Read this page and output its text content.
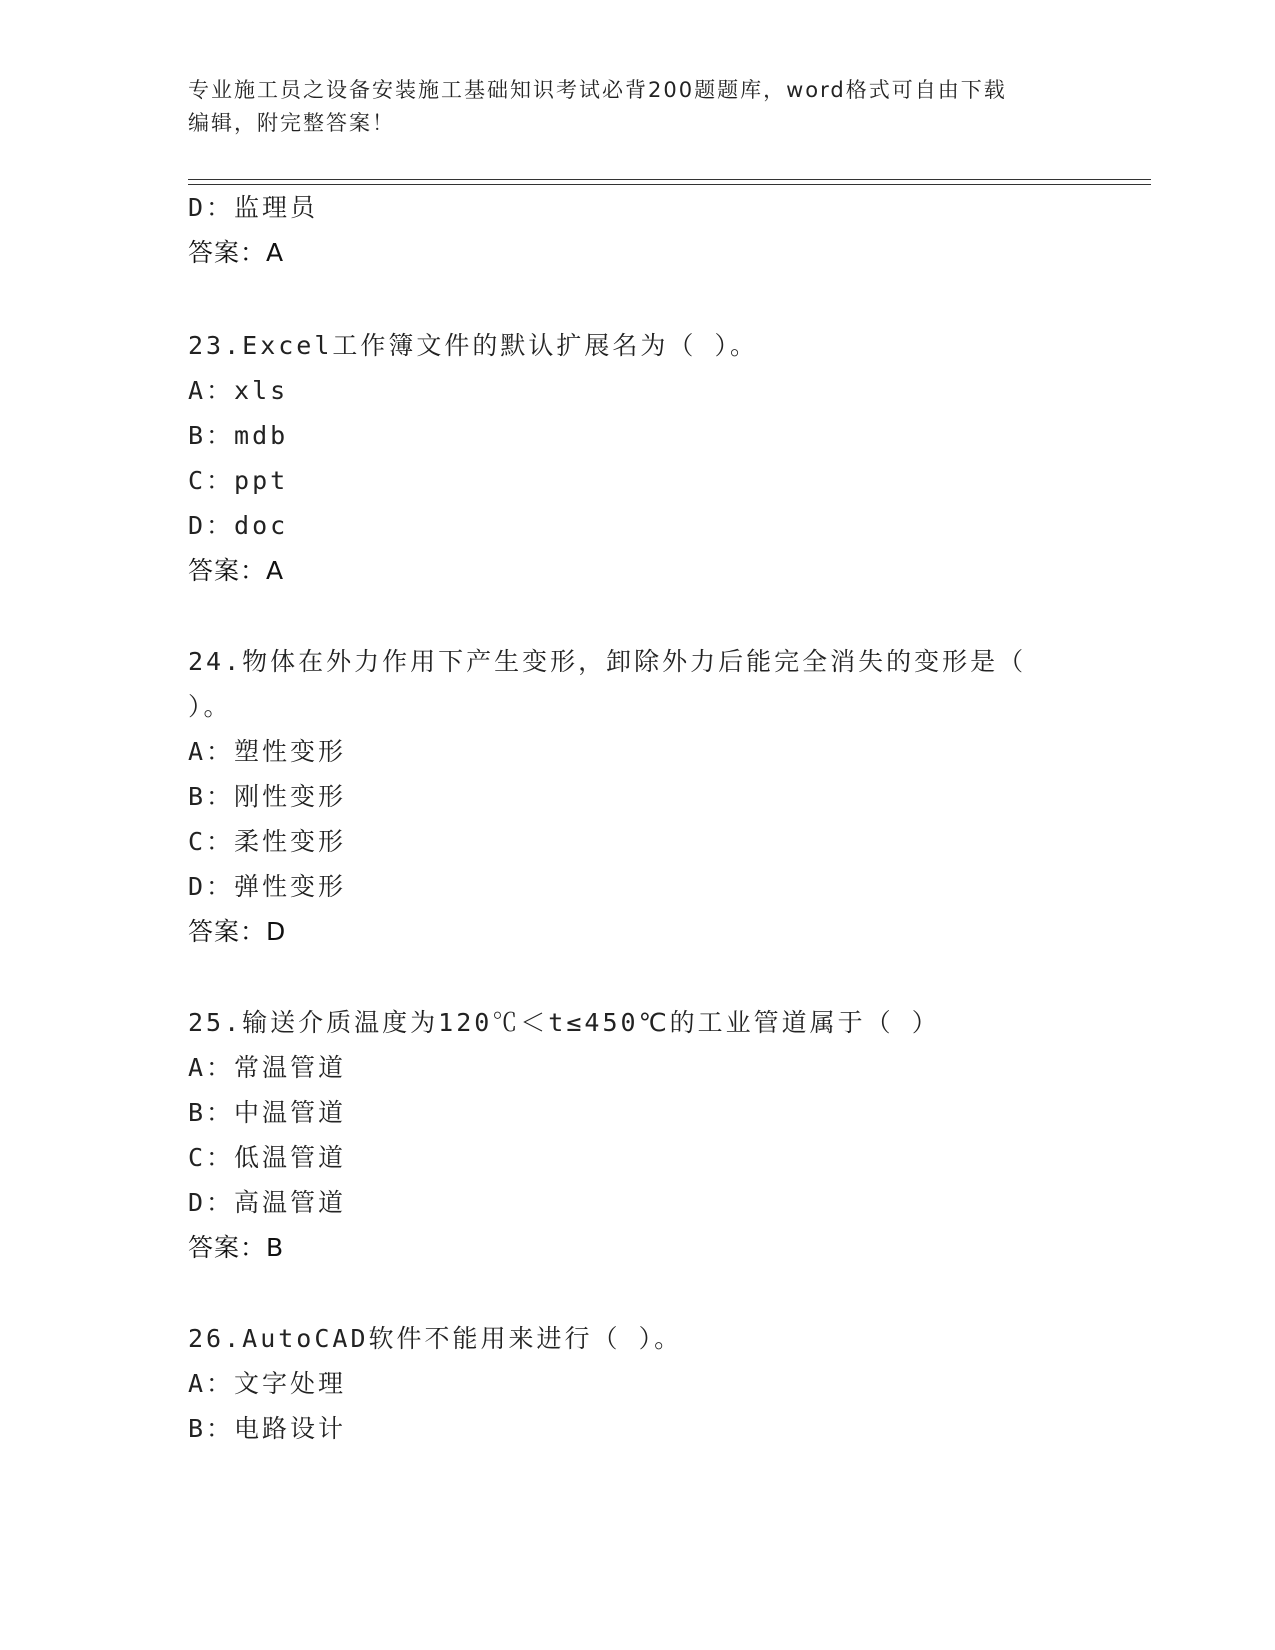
专业施工员之设备安装施工基础知识考试必背200题题库，word格式可自由下载
编辑，附完整答案！
D：监理员
答案：A
23.Excel工作簿文件的默认扩展名为（ ）。
A：xls
B：mdb
C：ppt
D：doc
答案：A
24.物体在外力作用下产生变形，卸除外力后能完全消失的变形是（
）。
A：塑性变形
B：刚性变形
C：柔性变形
D：弹性变形
答案：D
25.输送介质温度为120℃＜t≤450℃的工业管道属于（ ）
A：常温管道
B：中温管道
C：低温管道
D：高温管道
答案：B
26.AutoCAD软件不能用来进行（ ）。
A：文字处理
B：电路设计
